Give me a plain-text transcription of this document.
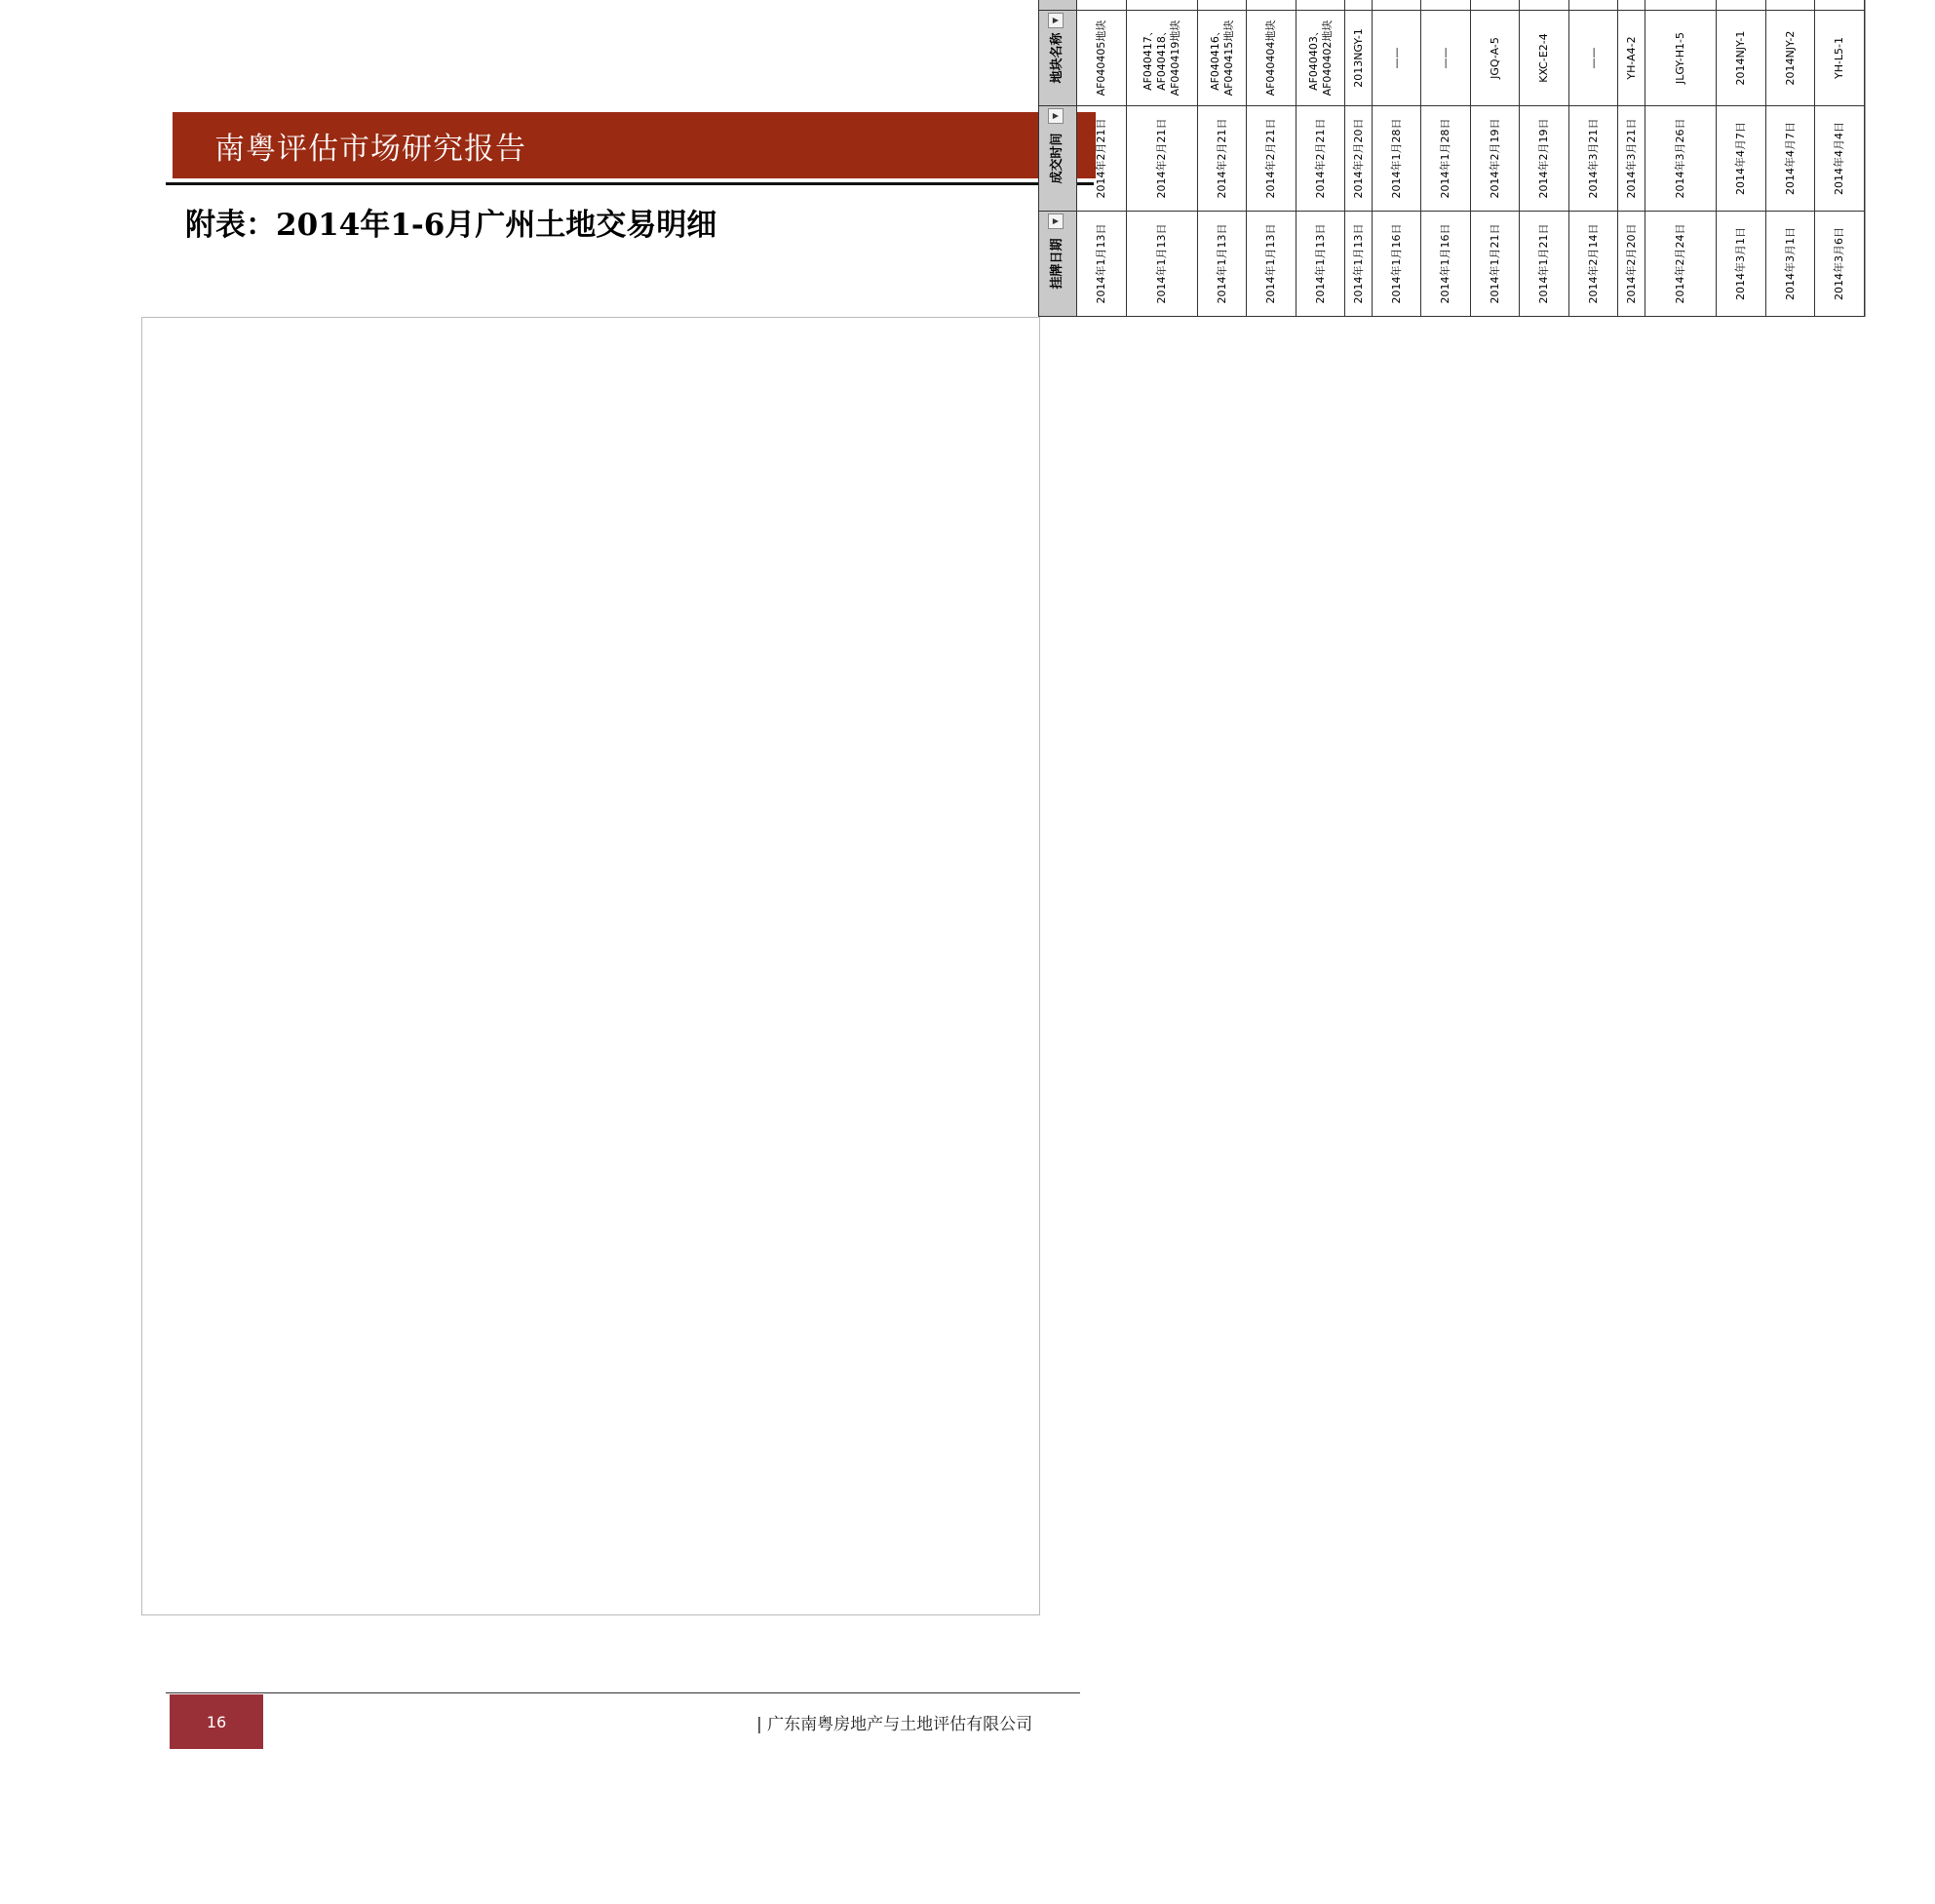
南粤评估市场研究报告
附表：2014年1-6月广州土地交易明细
挂牌日期
▼	成交时间
▼	地块名称
▼

2014年1月13日	2014年2月21日	AF040405地块											
2014年1月13日	2014年2月21日	AF040417、AF040418、AF040419地块											
2014年1月13日	2014年2月21日	AF040416、AF040415地块											
2014年1月13日	2014年2月21日	AF040404地块											
2014年1月13日	2014年2月21日	AF040403、AF040402地块											
2014年1月13日	2014年2月20日	2013NGY-1											
2014年1月16日	2014年1月28日	——											
2014年1月16日	2014年1月28日	——											
2014年1月21日	2014年2月19日	JGQ-A-5											
2014年1月21日	2014年2月19日	KXC-E2-4											
2014年2月14日	2014年3月21日	——											
2014年2月20日	2014年3月21日	YH-A4-2											
2014年2月24日	2014年3月26日	JLGY-H1-5											
2014年3月1日	2014年4月7日	2014NJY-1											
2014年3月1日	2014年4月7日	2014NJY-2											
2014年3月6日	2014年4月4日	YH-L5-1											
16	| 广东南粤房地产与土地评估有限公司
